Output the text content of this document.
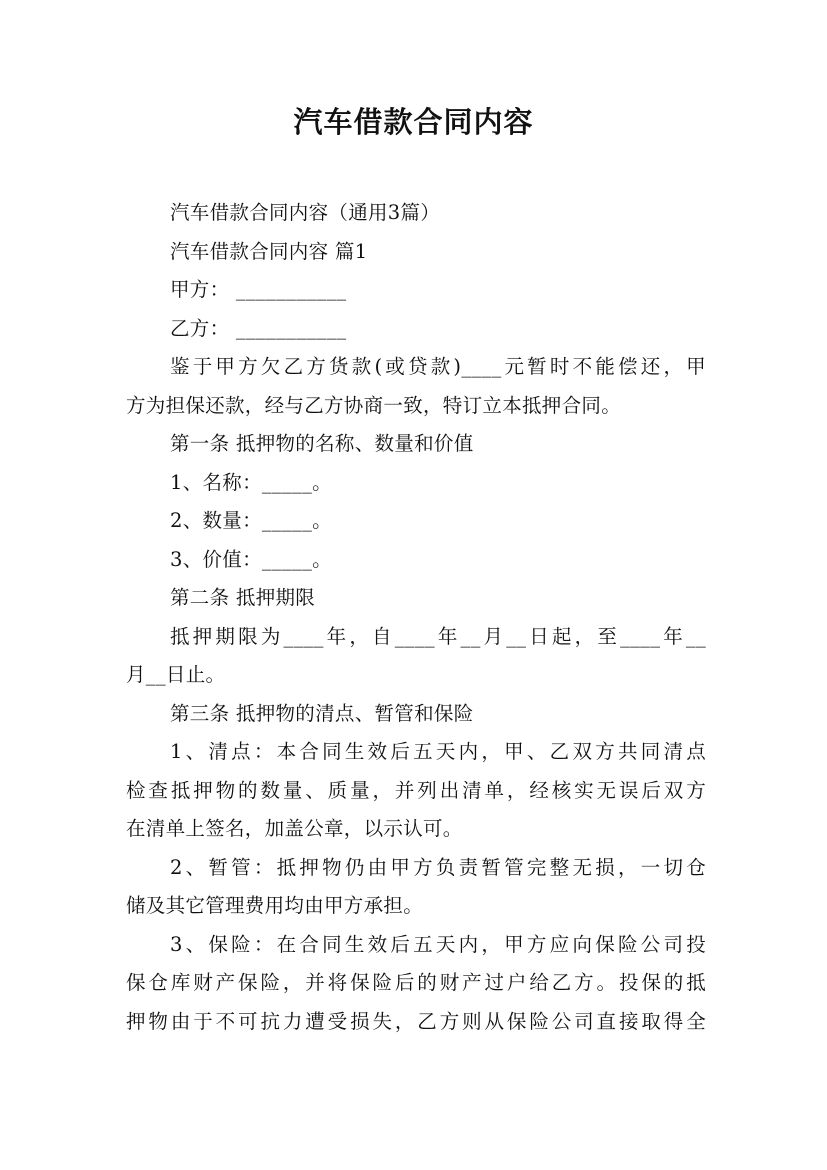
汽车借款合同内容

汽车借款合同内容（通用3篇）

汽车借款合同内容 篇1

甲方： ___________

乙方： ___________

鉴于甲方欠乙方货款(或贷款)____元暂时不能偿还，甲

方为担保还款，经与乙方协商一致，特订立本抵押合同。

第一条 抵押物的名称、数量和价值

1、名称：_____。

2、数量：_____。

3、价值：_____。

第二条 抵押期限

抵押期限为____年，自____年__月__日起，至____年__

月__日止。

第三条 抵押物的清点、暂管和保险

1、清点：本合同生效后五天内，甲、乙双方共同清点

检查抵押物的数量、质量，并列出清单，经核实无误后双方

在清单上签名，加盖公章，以示认可。

2、暂管：抵押物仍由甲方负责暂管完整无损，一切仓

储及其它管理费用均由甲方承担。

3、保险：在合同生效后五天内，甲方应向保险公司投

保仓库财产保险，并将保险后的财产过户给乙方。投保的抵

押物由于不可抗力遭受损失，乙方则从保险公司直接取得全
